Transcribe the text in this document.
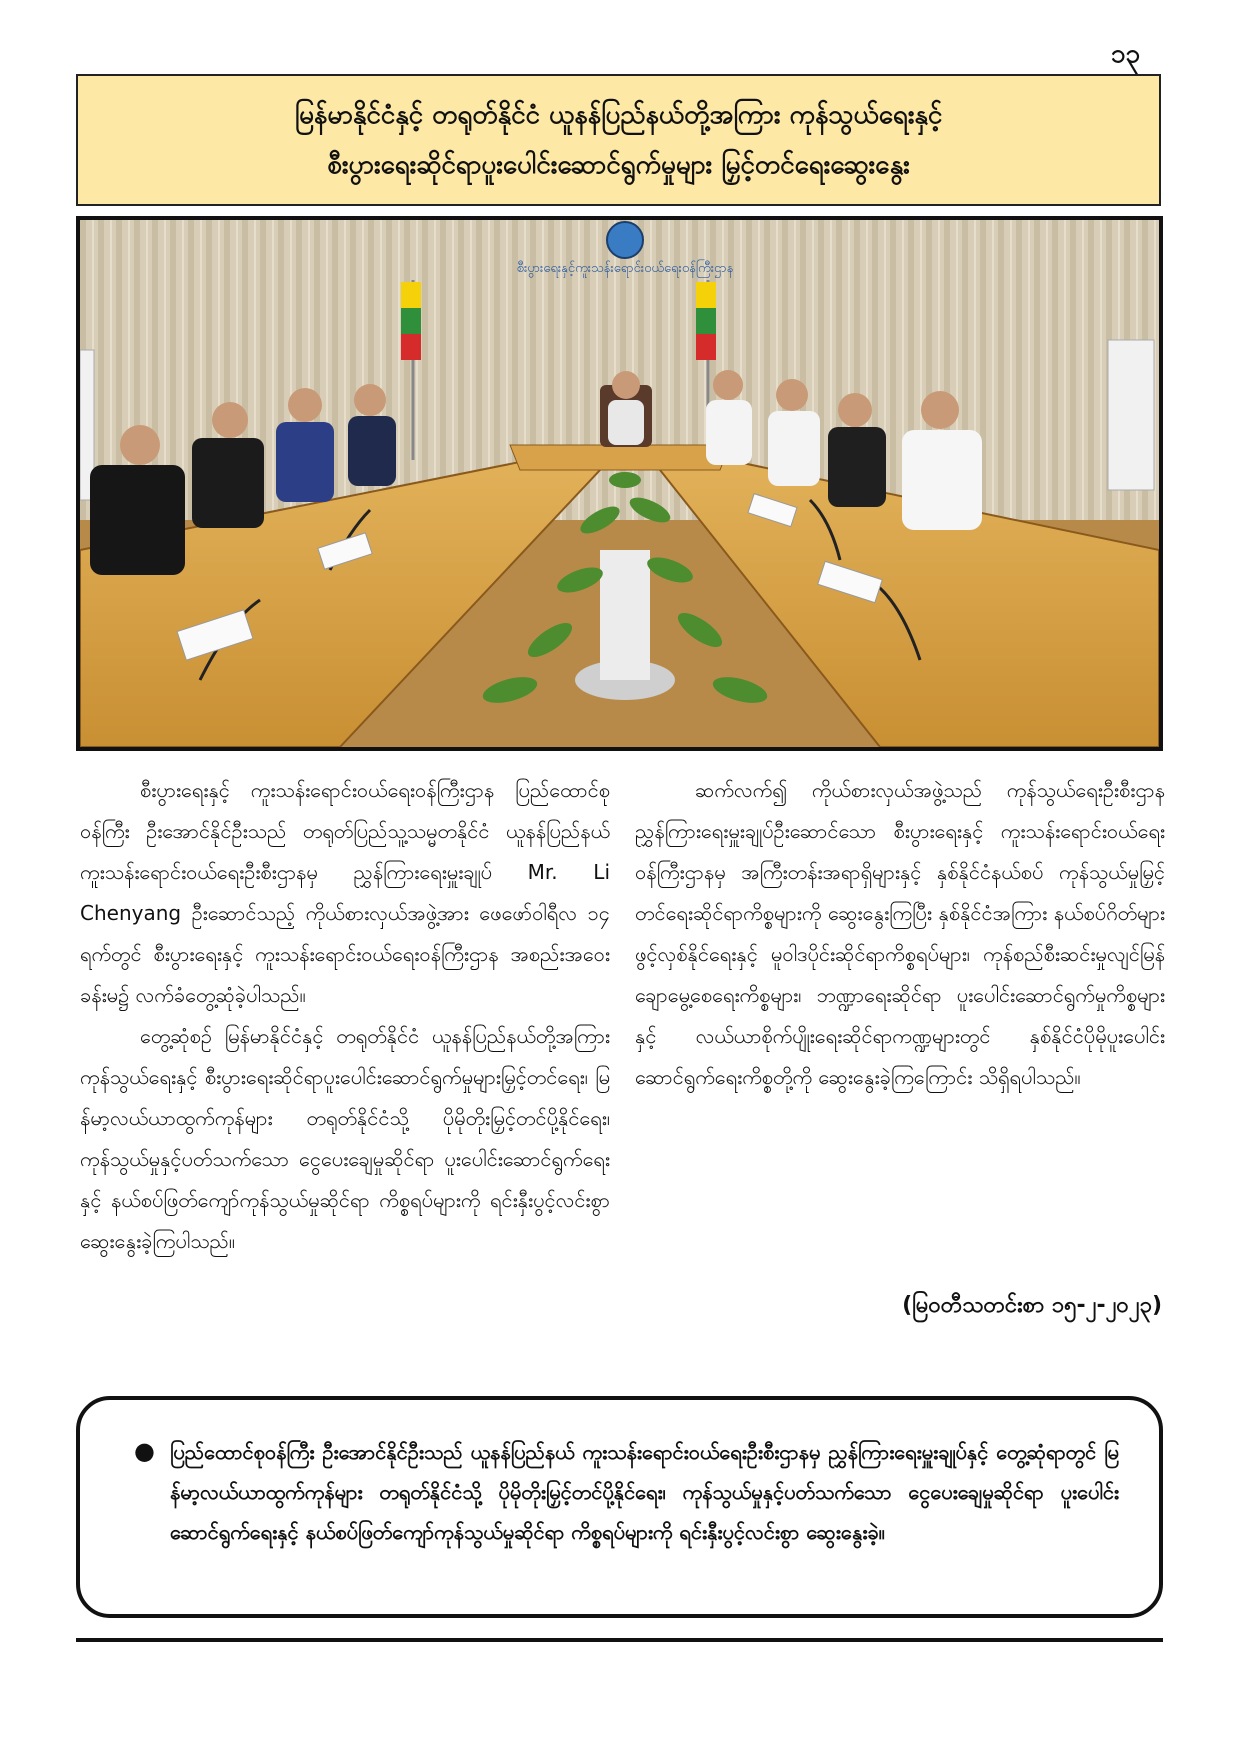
၁၃
မြန်မာနိုင်ငံနှင့် တရုတ်နိုင်ငံ ယူနန်ပြည်နယ်တို့အကြား ကုန်သွယ်ရေးနှင့်
စီးပွားရေးဆိုင်ရာပူးပေါင်းဆောင်ရွက်မှုများ မြှင့်တင်ရေးဆွေးနွေး
စီးပွားရေးနှင့်ကူးသန်းရောင်းဝယ်ရေးဝန်ကြီးဌာန

စီးပွားရေးနှင့် ကူးသန်းရောင်းဝယ်ရေးဝန်ကြီးဌာန ပြည်ထောင်စုဝန်ကြီး ဦးအောင်နိုင်ဦးသည် တရုတ်ပြည်သူ့သမ္မတနိုင်ငံ ယူနန်ပြည်နယ် ကူးသန်းရောင်းဝယ်ရေးဦးစီးဌာနမှ ညွှန်ကြားရေးမှူးချုပ် Mr. Li Chenyang ဦးဆောင်သည့် ကိုယ်စားလှယ်အဖွဲ့အား ဖေဖော်ဝါရီလ ၁၄ ရက်တွင် စီးပွားရေးနှင့် ကူးသန်းရောင်းဝယ်ရေးဝန်ကြီးဌာန အစည်းအဝေးခန်းမ၌ လက်ခံတွေ့ဆုံခဲ့ပါသည်။

တွေ့ဆုံစဉ် မြန်မာနိုင်ငံနှင့် တရုတ်နိုင်ငံ ယူနန်ပြည်နယ်တို့အကြား ကုန်သွယ်ရေးနှင့် စီးပွားရေးဆိုင်ရာပူးပေါင်းဆောင်ရွက်မှုများမြှင့်တင်ရေး၊ မြန်မာ့လယ်ယာထွက်ကုန်များ တရုတ်နိုင်ငံသို့ ပိုမိုတိုးမြှင့်တင်ပို့နိုင်ရေး၊ ကုန်သွယ်မှုနှင့်ပတ်သက်သော ငွေပေးချေမှုဆိုင်ရာ ပူးပေါင်းဆောင်ရွက်ရေးနှင့် နယ်စပ်ဖြတ်ကျော်ကုန်သွယ်မှုဆိုင်ရာ ကိစ္စရပ်များကို ရင်းနှီးပွင့်လင်းစွာ ဆွေးနွေးခဲ့ကြပါသည်။

ဆက်လက်၍ ကိုယ်စားလှယ်အဖွဲ့သည် ကုန်သွယ်ရေးဦးစီးဌာန ညွှန်ကြားရေးမှူးချုပ်ဦးဆောင်သော စီးပွားရေးနှင့် ကူးသန်းရောင်းဝယ်ရေးဝန်ကြီးဌာနမှ အကြီးတန်းအရာရှိများနှင့် နှစ်နိုင်ငံနယ်စပ် ကုန်သွယ်မှုမြှင့်တင်ရေးဆိုင်ရာကိစ္စများကို ဆွေးနွေးကြပြီး နှစ်နိုင်ငံအကြား နယ်စပ်ဂိတ်များဖွင့်လှစ်နိုင်ရေးနှင့် မူဝါဒပိုင်းဆိုင်ရာကိစ္စရပ်များ၊ ကုန်စည်စီးဆင်းမှုလျင်မြန်ချောမွေ့စေရေးကိစ္စများ၊ ဘဏ္ဍာရေးဆိုင်ရာ ပူးပေါင်းဆောင်ရွက်မှုကိစ္စများနှင့် လယ်ယာစိုက်ပျိုးရေးဆိုင်ရာကဏ္ဍများတွင် နှစ်နိုင်ငံပိုမိုပူးပေါင်းဆောင်ရွက်ရေးကိစ္စတို့ကို ဆွေးနွေးခဲ့ကြကြောင်း သိရှိရပါသည်။

(မြဝတီသတင်းစာ ၁၅-၂-၂၀၂၃)
● ပြည်ထောင်စုဝန်ကြီး ဦးအောင်နိုင်ဦးသည် ယူနန်ပြည်နယ် ကူးသန်းရောင်းဝယ်ရေးဦးစီးဌာနမှ ညွှန်ကြားရေးမှူးချုပ်နှင့် တွေ့ဆုံရာတွင် မြန်မာ့လယ်ယာထွက်ကုန်များ တရုတ်နိုင်ငံသို့ ပိုမိုတိုးမြှင့်တင်ပို့နိုင်ရေး၊ ကုန်သွယ်မှုနှင့်ပတ်သက်သော ငွေပေးချေမှုဆိုင်ရာ ပူးပေါင်းဆောင်ရွက်ရေးနှင့် နယ်စပ်ဖြတ်ကျော်ကုန်သွယ်မှုဆိုင်ရာ ကိစ္စရပ်များကို ရင်းနှီးပွင့်လင်းစွာ ဆွေးနွေးခဲ့။
